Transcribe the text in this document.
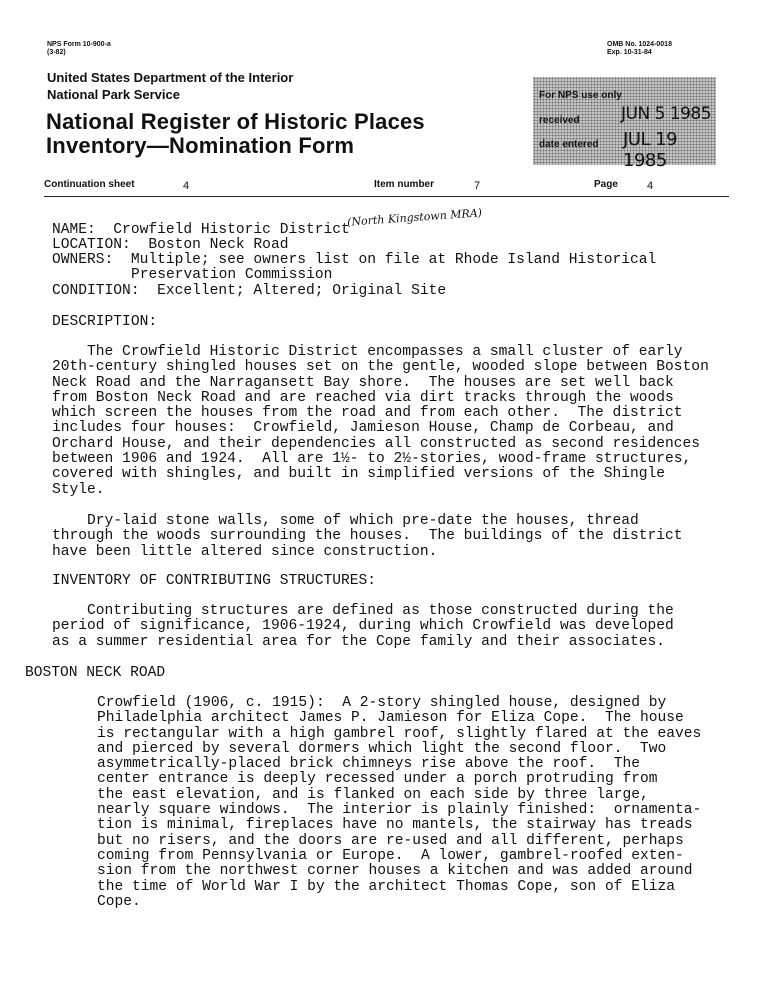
NPS Form 10-900-a
(3-82)
OMB No. 1024-0018
Exp. 10-31-84
United States Department of the Interior
National Park Service
National Register of Historic Places
Inventory—Nomination Form
For NPS use only
received JUN 5 1985
date entered JUL 19 1985
Continuation sheet	4	Item number	7	Page	4
NAME:  Crowfield Historic District
(North Kingstown MRA)
LOCATION:  Boston Neck Road
OWNERS:  Multiple; see owners list on file at Rhode Island Historical
Preservation Commission
CONDITION:  Excellent; Altered; Original Site
DESCRIPTION:
The Crowfield Historic District encompasses a small cluster of early
20th-century shingled houses set on the gentle, wooded slope between Boston
Neck Road and the Narragansett Bay shore.  The houses are set well back
from Boston Neck Road and are reached via dirt tracks through the woods
which screen the houses from the road and from each other.  The district
includes four houses:  Crowfield, Jamieson House, Champ de Corbeau, and
Orchard House, and their dependencies all constructed as second residences
between 1906 and 1924.  All are 1½- to 2½-stories, wood-frame structures,
covered with shingles, and built in simplified versions of the Shingle
Style.
Dry-laid stone walls, some of which pre-date the houses, thread
through the woods surrounding the houses.  The buildings of the district
have been little altered since construction.
INVENTORY OF CONTRIBUTING STRUCTURES:
Contributing structures are defined as those constructed during the
period of significance, 1906-1924, during which Crowfield was developed
as a summer residential area for the Cope family and their associates.
BOSTON NECK ROAD
Crowfield (1906, c. 1915):  A 2-story shingled house, designed by
Philadelphia architect James P. Jamieson for Eliza Cope.  The house
is rectangular with a high gambrel roof, slightly flared at the eaves
and pierced by several dormers which light the second floor.  Two
asymmetrically-placed brick chimneys rise above the roof.  The
center entrance is deeply recessed under a porch protruding from
the east elevation, and is flanked on each side by three large,
nearly square windows.  The interior is plainly finished:  ornamenta-
tion is minimal, fireplaces have no mantels, the stairway has treads
but no risers, and the doors are re-used and all different, perhaps
coming from Pennsylvania or Europe.  A lower, gambrel-roofed exten-
sion from the northwest corner houses a kitchen and was added around
the time of World War I by the architect Thomas Cope, son of Eliza
Cope.
